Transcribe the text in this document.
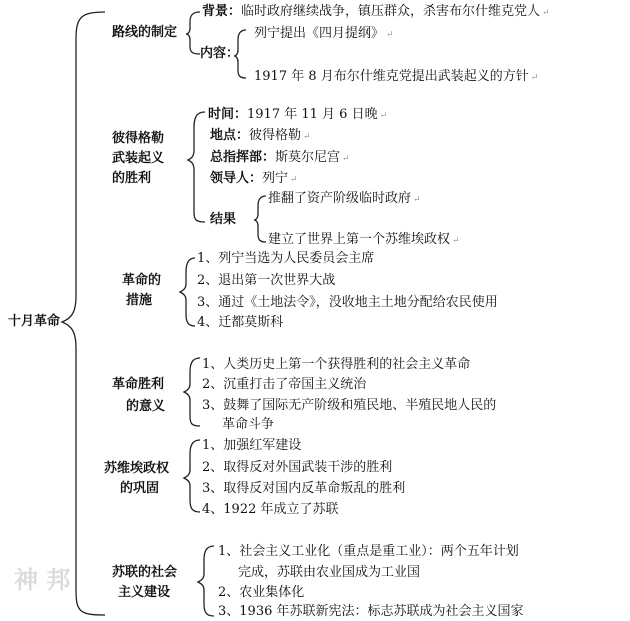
十月革命
路线的制定
背景：临时政府继续战争，镇压群众，杀害布尔什维克党人 ↵
内容：
列宁提出《四月提纲》 ↵
1917 年 8 月布尔什维克党提出武装起义的方针 ↵
彼得格勒
武装起义
的胜利
时间：1917 年 11 月 6 日晚 ↵
地点：彼得格勒 ↵
总指挥部：斯莫尔尼宫 ↵
领导人：列宁 ↵
结果
推翻了资产阶级临时政府 ↵
建立了世界上第一个苏维埃政权 ↵
革命的
措施
1、列宁当选为人民委员会主席
2、退出第一次世界大战
3、通过《土地法令》，没收地主土地分配给农民使用
4、迁都莫斯科
革命胜利
的意义
1、人类历史上第一个获得胜利的社会主义革命
2、沉重打击了帝国主义统治
3、鼓舞了国际无产阶级和殖民地、半殖民地人民的
革命斗争
苏维埃政权
的巩固
1、加强红军建设
2、取得反对外国武装干涉的胜利
3、取得反对国内反革命叛乱的胜利
4、1922 年成立了苏联
苏联的社会
主义建设
1、社会主义工业化（重点是重工业）：两个五年计划
完成，苏联由农业国成为工业国
2、农业集体化
3、1936 年苏联新宪法：标志苏联成为社会主义国家
神 邦
